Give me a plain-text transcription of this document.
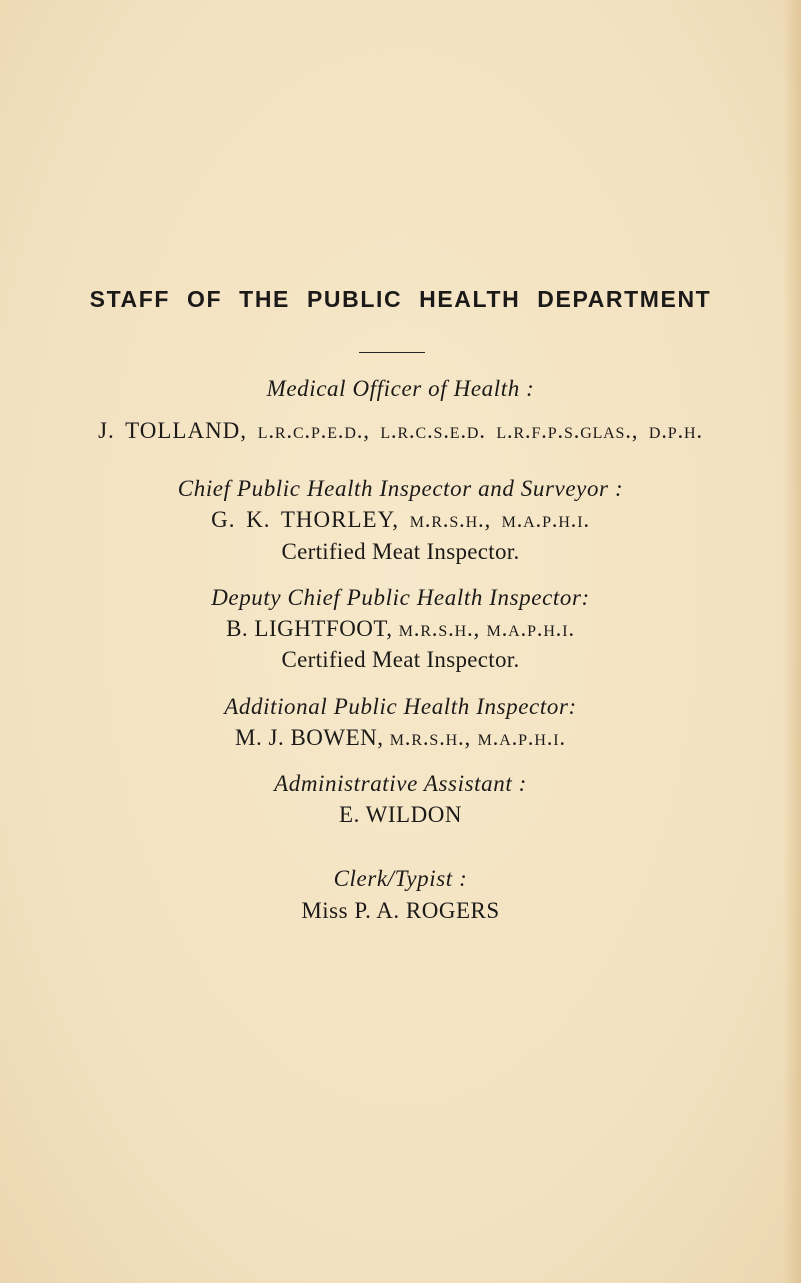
STAFF OF THE PUBLIC HEALTH DEPARTMENT
Medical Officer of Health :
J. TOLLAND, l.r.c.p.e.d., l.r.c.s.e.d. l.r.f.p.s.glas., d.p.h.
Chief Public Health Inspector and Surveyor :
G. K. THORLEY, m.r.s.h., m.a.p.h.i.
Certified Meat Inspector.
Deputy Chief Public Health Inspector:
B. LIGHTFOOT, m.r.s.h., m.a.p.h.i.
Certified Meat Inspector.
Additional Public Health Inspector:
M. J. BOWEN, m.r.s.h., m.a.p.h.i.
Administrative Assistant :
E. WILDON
Clerk/Typist :
Miss P. A. ROGERS
